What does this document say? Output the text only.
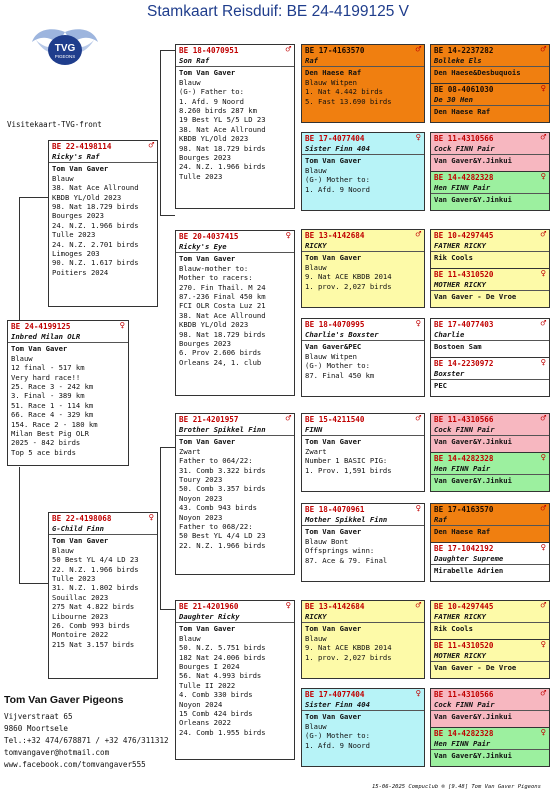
Stamkaart Reisduif: BE 24-4199125 V
TVG
PIGEONS
Visitekaart-TVG-front
BE 24-4199125	♀
Inbred Milan OLR
Tom Van Gaver
Blauw
12 final - 517 km
Very hard race!!
25. Race 3 - 242 km
3. Final - 389 km
51. Race 1 - 114 km
66. Race 4 - 329 km
154. Race 2 - 180 km
Milan Best Pig OLR
2025 - 842 birds
Top 5 ace birds
BE 22-4198114	♂
Ricky's Raf
Tom Van Gaver
Blauw
38. Nat Ace Allround
KBDB YL/Old 2023
98. Nat 18.729 birds
Bourges 2023
24. N.Z. 1.966 birds
Tulle 2023
24. N.Z. 2.701 birds
Limoges 203
90. N.Z. 1.617 birds
Poitiers 2024
BE 22-4198068	♀
G-Child Finn
Tom Van Gaver
Blauw
50 Best YL 4/4 LD 23
22. N.Z. 1.966 birds
Tulle 2023
31. N.Z. 1.802 birds
Souillac 2023
275 Nat 4.822 birds
Libourne 2023
26. Comb 993 birds
Montoire 2022
215 Nat 3.157 birds
BE 18-4070951	♂
Son Raf
Tom Van Gaver
Blauw
(G-) Father to:
1. Afd. 9 Noord
8.260 birds 287 km
19 Best YL 5/5 LD 23
38. Nat Ace Allround
KBDB YL/Old 2023
98. Nat 18.729 birds
Bourges 2023
24. N.Z. 1.966 birds
Tulle 2023
BE 20-4037415	♀
Ricky's Eye
Tom Van Gaver
Blauw-mother to:
Mother to racers:
270. Fin Thail. M 24
87.-236 Final 450 km
FCI OLR Costa Luz 21
38. Nat Ace Allround
KBDB YL/Old 2023
98. Nat 18.729 birds
Bourges 2023
6. Prov 2.606 birds
Orleans 24, 1. club
BE 21-4201957	♂
Brother Spikkel Finn
Tom Van Gaver
Zwart
Father to 064/22:
31. Comb 3.322 birds
Toury 2023
50. Comb 3.357 birds
Noyon 2023
43. Comb 943 birds
Noyon 2023
Father to 068/22:
50 Best YL 4/4 LD 23
22. N.Z. 1.966 birds
BE 21-4201960	♀
Daughter Ricky
Tom Van Gaver
Blauw
50. N.Z. 5.751 birds
182 Nat 24.006 birds
Bourges I 2024
56. Nat 4.993 birds
Tulle II 2022
4. Comb 330 birds
Noyon 2024
15 Comb 424 birds
Orleans 2022
24. Comb 1.955 birds
BE 17-4163570	♂
Raf
Den Haese Raf
Blauw Witpen
1. Nat 4.442 birds
5. Fast 13.690 birds
BE 17-4077404	♀
Sister Finn 404
Tom Van Gaver
Blauw
(G-) Mother to:
1. Afd. 9 Noord
BE 13-4142684	♂
RICKY
Tom Van Gaver
Blauw
9. Nat ACE KBDB 2014
1. prov. 2,027 birds
BE 18-4070995	♀
Charlie's Boxster
Van Gaver&PEC
Blauw Witpen
(G-) Mother to:
87. Final 450 km
BE 15-4211540	♂
FINN
Tom Van Gaver
Zwart
Number 1 BASIC PIG:
1. Prov. 1,591 birds
BE 18-4070961	♀
Mother Spikkel Finn
Tom Van Gaver
Blauw Bont
Offsprings winn:
87. Ace & 79. Final
BE 13-4142684	♂
RICKY
Tom Van Gaver
Blauw
9. Nat ACE KBDB 2014
1. prov. 2,027 birds
BE 17-4077404	♀
Sister Finn 404
Tom Van Gaver
Blauw
(G-) Mother to:
1. Afd. 9 Noord
BE 14-2237282	♂
Bolleke Els
Den Haese&Desbuquois
BE 08-4061030	♀
De 30 Hen
Den Haese Raf
BE 11-4310566	♂
Cock FINN Pair
Van Gaver&Y.Jinkui
BE 14-4282328	♀
Hen FINN Pair
Van Gaver&Y.Jinkui
BE 10-4297445	♂
FATHER RICKY
Rik Cools
BE 11-4310520	♀
MOTHER RICKY
Van Gaver - De Vroe
BE 17-4077403	♂
Charlie
Bostoen Sam
BE 14-2230972	♀
Boxster
PEC
BE 11-4310566	♂
Cock FINN Pair
Van Gaver&Y.Jinkui
BE 14-4282328	♀
Hen FINN Pair
Van Gaver&Y.Jinkui
BE 17-4163570	♂
Raf
Den Haese Raf
BE 17-1042192	♀
Daughter Supreme
Mirabelle Adrien
BE 10-4297445	♂
FATHER RICKY
Rik Cools
BE 11-4310520	♀
MOTHER RICKY
Van Gaver - De Vroe
BE 11-4310566	♂
Cock FINN Pair
Van Gaver&Y.Jinkui
BE 14-4282328	♀
Hen FINN Pair
Van Gaver&Y.Jinkui
Tom Van Gaver Pigeons
Vijverstraat 65
9860 Moortsele
Tel.:+32 474/678871 / +32 476/311312
tomvangaver@hotmail.com
www.facebook.com/tomvangaver555
15-06-2025 Compuclub ® [9.48] Tom Van Gaver Pigeons
